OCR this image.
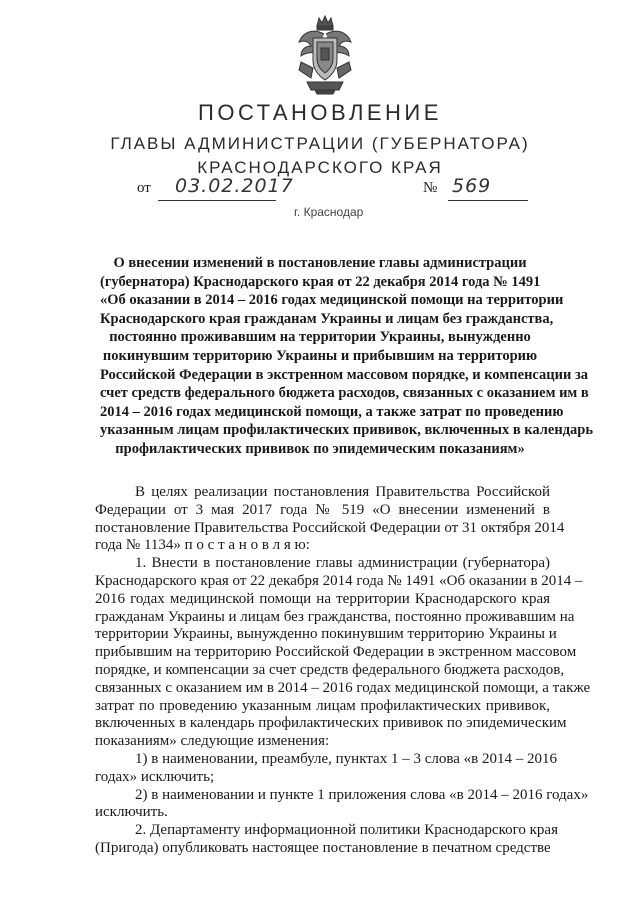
ПОСТАНОВЛЕНИЕ
ГЛАВЫ АДМИНИСТРАЦИИ (ГУБЕРНАТОРА)
КРАСНОДАРСКОГО КРАЯ
от 03.02.2017	№ 569
г. Краснодар
О внесении изменений в постановление главы администрации
(губернатора) Краснодарского края от 22 декабря 2014 года № 1491
«Об оказании в 2014 – 2016 годах медицинской помощи на территории
Краснодарского края гражданам Украины и лицам без гражданства,
постоянно проживавшим на территории Украины, вынужденно
покинувшим территорию Украины и прибывшим на территорию
Российской Федерации в экстренном массовом порядке, и компенсации за
счет средств федерального бюджета расходов, связанных с оказанием им в
2014 – 2016 годах медицинской помощи, а также затрат по проведению
указанным лицам профилактических прививок, включенных в календарь
профилактических прививок по эпидемическим показаниям»
В целях реализации постановления Правительства Российской
Федерации от 3 мая 2017 года № 519 «О внесении изменений в
постановление Правительства Российской Федерации от 31 октября 2014
года № 1134» п о с т а н о в л я ю:
1. Внести в постановление главы администрации (губернатора)
Краснодарского края от 22 декабря 2014 года № 1491 «Об оказании в 2014 –
2016 годах медицинской помощи на территории Краснодарского края
гражданам Украины и лицам без гражданства, постоянно проживавшим на
территории Украины, вынужденно покинувшим территорию Украины и
прибывшим на территорию Российской Федерации в экстренном массовом
порядке, и компенсации за счет средств федерального бюджета расходов,
связанных с оказанием им в 2014 – 2016 годах медицинской помощи, а также
затрат по проведению указанным лицам профилактических прививок,
включенных в календарь профилактических прививок по эпидемическим
показаниям» следующие изменения:
1) в наименовании, преамбуле, пунктах 1 – 3 слова «в 2014 – 2016
годах» исключить;
2) в наименовании и пункте 1 приложения слова «в 2014 – 2016 годах»
исключить.
2. Департаменту информационной политики Краснодарского края
(Пригода) опубликовать настоящее постановление в печатном средстве
